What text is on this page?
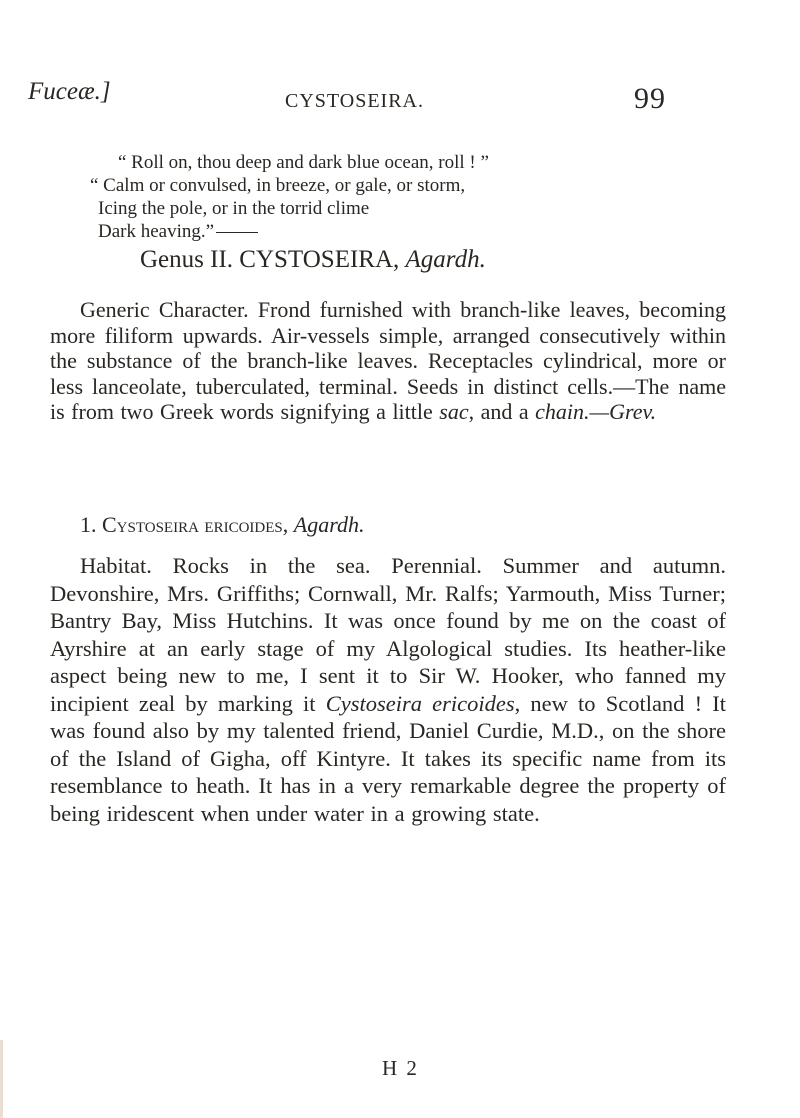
Fuceæ.]	CYSTOSEIRA.	99
“ Roll on, thou deep and dark blue ocean, roll ! ”
“ Calm or convulsed, in breeze, or gale, or storm,
Icing the pole, or in the torrid clime
Dark heaving.”
Genus II. CYSTOSEIRA, Agardh.

Generic Character. Frond furnished with branch-like leaves, becoming more filiform upwards. Air-vessels simple, arranged consecutively within the substance of the branch-like leaves. Receptacles cylindrical, more or less lanceolate, tuberculated, terminal. Seeds in distinct cells.—The name is from two Greek words signifying a little sac, and a chain.—Grev.

1. Cystoseira ericoides, Agardh.

Habitat. Rocks in the sea. Perennial. Summer and autumn. Devonshire, Mrs. Griffiths; Cornwall, Mr. Ralfs; Yarmouth, Miss Turner; Bantry Bay, Miss Hutchins. It was once found by me on the coast of Ayrshire at an early stage of my Algological studies. Its heather-like aspect being new to me, I sent it to Sir W. Hooker, who fanned my incipient zeal by marking it Cystoseira ericoides, new to Scotland ! It was found also by my talented friend, Daniel Curdie, M.D., on the shore of the Island of Gigha, off Kintyre. It takes its specific name from its resemblance to heath. It has in a very remarkable degree the property of being iridescent when under water in a growing state.

H 2
